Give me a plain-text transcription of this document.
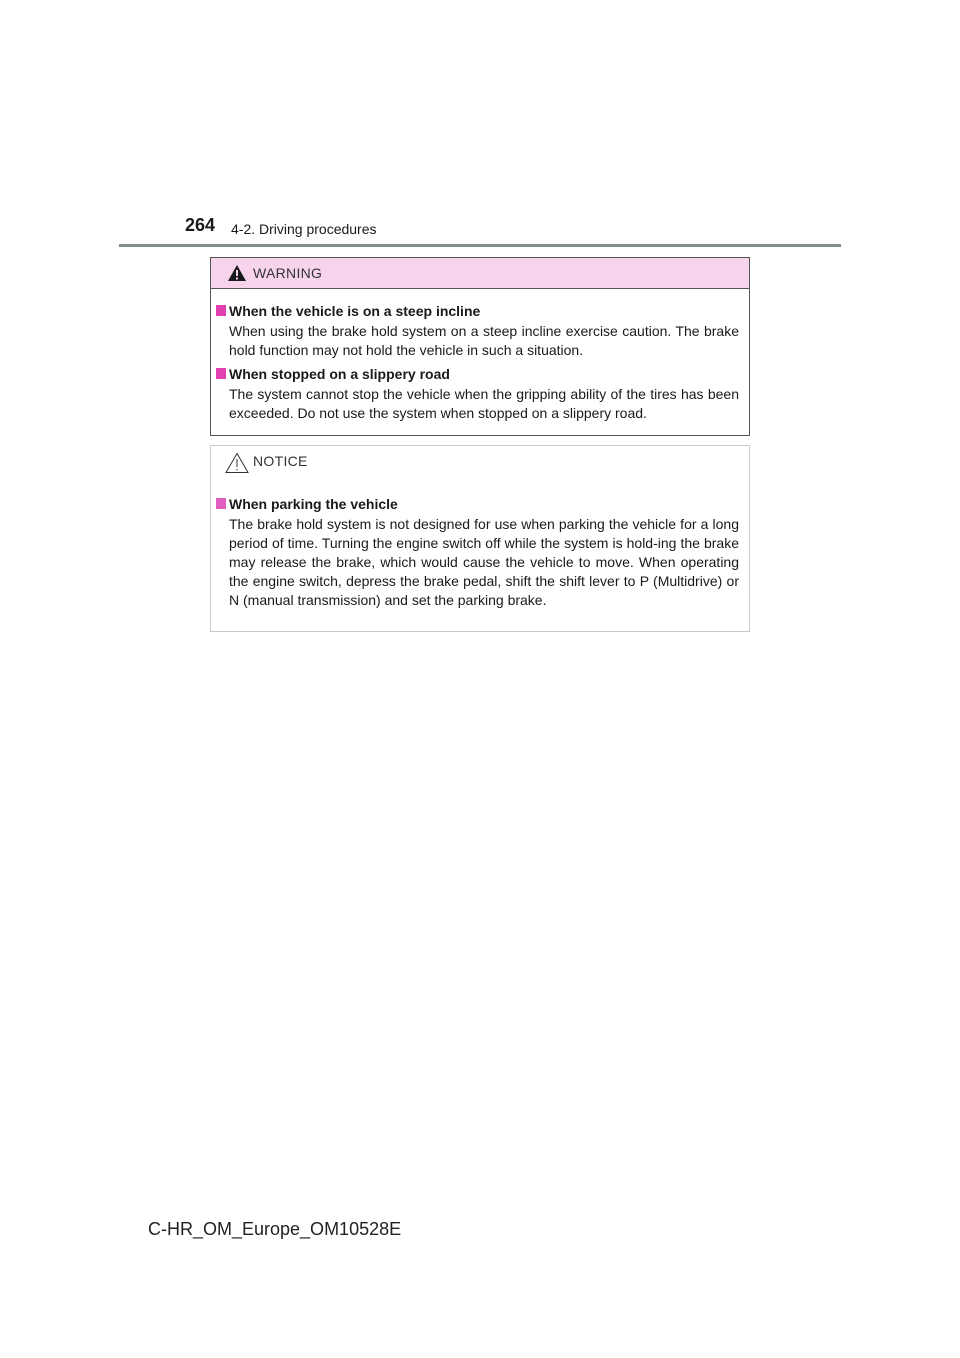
264 4-2. Driving procedures
WARNING
When the vehicle is on a steep incline
When using the brake hold system on a steep incline exercise caution. The brake hold function may not hold the vehicle in such a situation.
When stopped on a slippery road
The system cannot stop the vehicle when the gripping ability of the tires has been exceeded. Do not use the system when stopped on a slippery road.
NOTICE
When parking the vehicle
The brake hold system is not designed for use when parking the vehicle for a long period of time. Turning the engine switch off while the system is hold-ing the brake may release the brake, which would cause the vehicle to move. When operating the engine switch, depress the brake pedal, shift the shift lever to P (Multidrive) or N (manual transmission) and set the parking brake.
C-HR_OM_Europe_OM10528E
